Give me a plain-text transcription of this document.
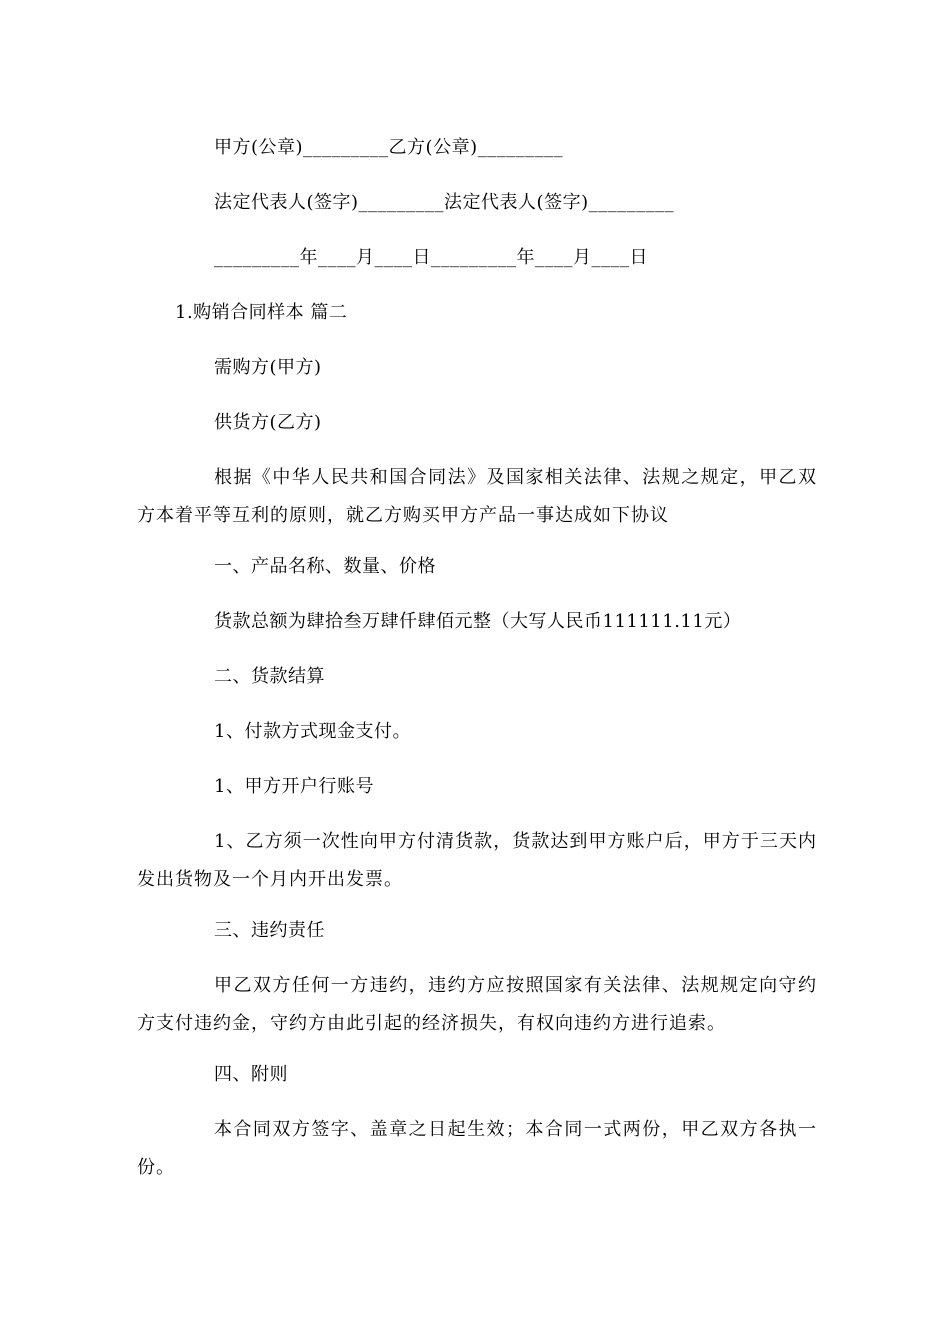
甲方(公章)_________乙方(公章)_________
法定代表人(签字)_________法定代表人(签字)_________
_________年____月____日_________年____月____日
1.购销合同样本 篇二
需购方(甲方)
供货方(乙方)
根据《中华人民共和国合同法》及国家相关法律、法规之规定，甲乙双方本着平等互利的原则，就乙方购买甲方产品一事达成如下协议
一、产品名称、数量、价格
货款总额为肆拾叁万肆仟肆佰元整（大写人民币111111.11元）
二、货款结算
1、付款方式现金支付。
1、甲方开户行账号
1、乙方须一次性向甲方付清货款，货款达到甲方账户后，甲方于三天内发出货物及一个月内开出发票。
三、违约责任
甲乙双方任何一方违约，违约方应按照国家有关法律、法规规定向守约方支付违约金，守约方由此引起的经济损失，有权向违约方进行追索。
四、附则
本合同双方签字、盖章之日起生效；本合同一式两份，甲乙双方各执一份。
